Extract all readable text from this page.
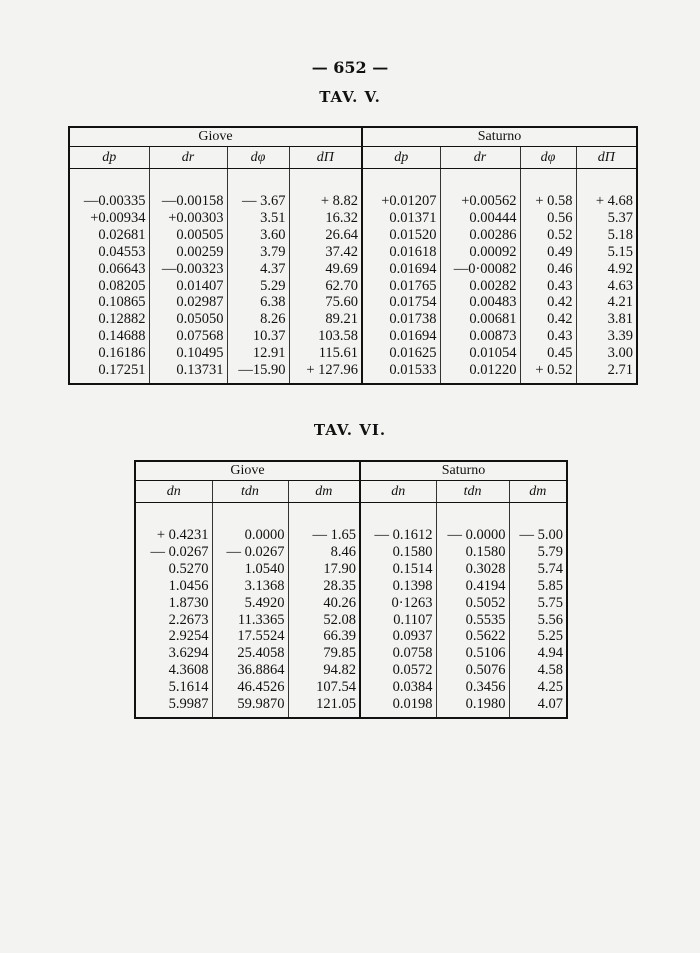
— 652 —
TAV. V.
Giove				Saturno			
dp	dr	dφ	dΠ	dp	dr	dφ	dΠ

—0.00335	—0.00158	— 3.67	+ 8.82	+0.01207	+0.00562	+ 0.58	+ 4.68
+0.00934	+0.00303	3.51	16.32	0.01371	0.00444	0.56	5.37
0.02681	0.00505	3.60	26.64	0.01520	0.00286	0.52	5.18
0.04553	0.00259	3.79	37.42	0.01618	0.00092	0.49	5.15
0.06643	—0.00323	4.37	49.69	0.01694	—0·00082	0.46	4.92
0.08205	0.01407	5.29	62.70	0.01765	0.00282	0.43	4.63
0.10865	0.02987	6.38	75.60	0.01754	0.00483	0.42	4.21
0.12882	0.05050	8.26	89.21	0.01738	0.00681	0.42	3.81
0.14688	0.07568	10.37	103.58	0.01694	0.00873	0.43	3.39
0.16186	0.10495	12.91	115.61	0.01625	0.01054	0.45	3.00
0.17251	0.13731	—15.90	+ 127.96	0.01533	0.01220	+ 0.52	2.71

TAV. VI.
Giove			Saturno		
dn	tdn	dm	dn	tdn	dm

+ 0.4231	0.0000	— 1.65	— 0.1612	— 0.0000	— 5.00
— 0.0267	— 0.0267	8.46	0.1580	0.1580	5.79
0.5270	1.0540	17.90	0.1514	0.3028	5.74
1.0456	3.1368	28.35	0.1398	0.4194	5.85
1.8730	5.4920	40.26	0·1263	0.5052	5.75
2.2673	11.3365	52.08	0.1107	0.5535	5.56
2.9254	17.5524	66.39	0.0937	0.5622	5.25
3.6294	25.4058	79.85	0.0758	0.5106	4.94
4.3608	36.8864	94.82	0.0572	0.5076	4.58
5.1614	46.4526	107.54	0.0384	0.3456	4.25
5.9987	59.9870	121.05	0.0198	0.1980	4.07
